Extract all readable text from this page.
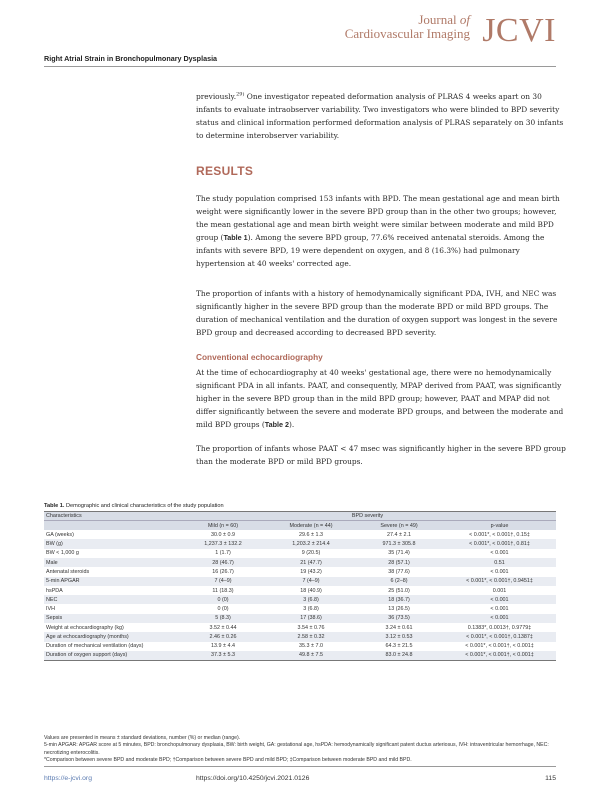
Right Atrial Strain in Bronchopulmonary Dysplasia
Journal of
Cardiovascular Imaging JCVI
previously.$^{29)}$ One investigator repeated deformation analysis of PLRAS 4 weeks apart on 30 infants to evaluate intraobserver variability. Two investigators who were blinded to BPD severity status and clinical information performed deformation analysis of PLRAS separately on 30 infants to determine interobserver variability.
RESULTS
The study population comprised 153 infants with BPD. The mean gestational age and mean birth weight were significantly lower in the severe BPD group than in the other two groups; however, the mean gestational age and mean birth weight were similar between moderate and mild BPD group (Table 1). Among the severe BPD group, 77.6% received antenatal steroids. Among the infants with severe BPD, 19 were dependent on oxygen, and 8 (16.3%) had pulmonary hypertension at 40 weeks' corrected age.
The proportion of infants with a history of hemodynamically significant PDA, IVH, and NEC was significantly higher in the severe BPD group than the moderate BPD or mild BPD groups. The duration of mechanical ventilation and the duration of oxygen support was longest in the severe BPD group and decreased according to decreased BPD severity.
Conventional echocardiography
At the time of echocardiography at 40 weeks' gestational age, there were no hemodynamically significant PDA in all infants. PAAT, and consequently, MPAP derived from PAAT, was significantly higher in the severe BPD group than in the mild BPD group; however, PAAT and MPAP did not differ significantly between the severe and moderate BPD groups, and between the moderate and mild BPD groups (Table 2).
The proportion of infants whose PAAT < 47 msec was significantly higher in the severe BPD group than the moderate BPD or mild BPD groups.
Table 1. Demographic and clinical characteristics of the study population
Characteristics	BPD severity			
	Mild (n = 60)	Moderate (n = 44)	Severe (n = 49)	p-value
GA (weeks)	30.0 ± 0.9	29.6 ± 1.3	27.4 ± 2.1	< 0.001*, < 0.001†, 0.15‡
BW (g)	1,237.3 ± 132.2	1,203.2 ± 214.4	971.3 ± 305.8	< 0.001*, < 0.001†, 0.81‡
BW < 1,000 g	1 (1.7)	9 (20.5)	35 (71.4)	< 0.001
Male	28 (46.7)	21 (47.7)	28 (57.1)	0.51
Antenatal steroids	16 (26.7)	19 (43.2)	38 (77.6)	< 0.001
5-min APGAR	7 (4–9)	7 (4–9)	6 (2–8)	< 0.001*, < 0.001†, 0.9451‡
hsPDA	11 (18.3)	18 (40.9)	25 (51.0)	0.001
NEC	0 (0)	3 (6.8)	18 (36.7)	< 0.001
IVH	0 (0)	3 (6.8)	13 (26.5)	< 0.001
Sepsis	5 (8.3)	17 (38.6)	36 (73.5)	< 0.001
Weight at echocardiography (kg)	3.52 ± 0.44	3.54 ± 0.76	3.24 ± 0.61	0.1383*, 0.0013†, 0.9779‡
Age at echocardiography (months)	2.46 ± 0.26	2.58 ± 0.32	3.12 ± 0.53	< 0.001*, < 0.001†, 0.1387‡
Duration of mechanical ventilation (days)	13.9 ± 4.4	35.3 ± 7.0	64.3 ± 21.5	< 0.001*, < 0.001†, < 0.001‡
Duration of oxygen support (days)	37.3 ± 5.3	49.8 ± 7.5	83.0 ± 24.8	< 0.001*, < 0.001†, < 0.001‡
Values are presented in means ± standard deviations, number (%) or median (range).
5-min APGAR: APGAR score at 5 minutes, BPD: bronchopulmonary dysplasia, BW: birth weight, GA: gestational age, hsPDA: hemodynamically significant patent ductus arteriosus, IVH: intraventricular hemorrhage, NEC: necrotizing enterocolitis.
*Comparison between severe BPD and moderate BPD; †Comparison between severe BPD and mild BPD; ‡Comparison between moderate BPD and mild BPD.
https://e-jcvi.org	https://doi.org/10.4250/jcvi.2021.0126	115
